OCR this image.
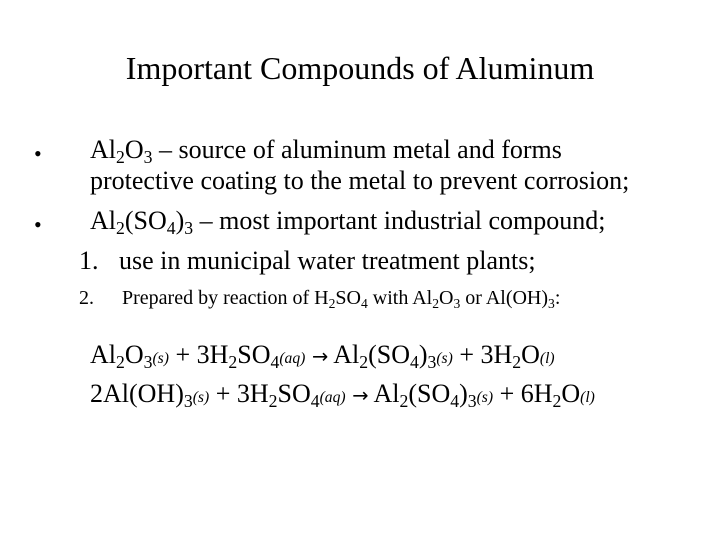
Important Compounds of Aluminum
• $Al_2O_3$ – source of aluminum metal and forms
protective coating to the metal to prevent corrosion;
• $Al_2(SO_4)_3$ – most important industrial compound;
1. use in municipal water treatment plants;
2. Prepared by reaction of $H_2SO_4$ with $Al_2O_3$ or $Al(OH)_3$:
$Al_2O_3(s) + 3H_2SO_4(aq) \to Al_2(SO_4)_3(s) + 3H_2O(l)$
$2Al(OH)_3(s) + 3H_2SO_4(aq) \to Al_2(SO_4)_3(s) + 6H_2O(l)$
